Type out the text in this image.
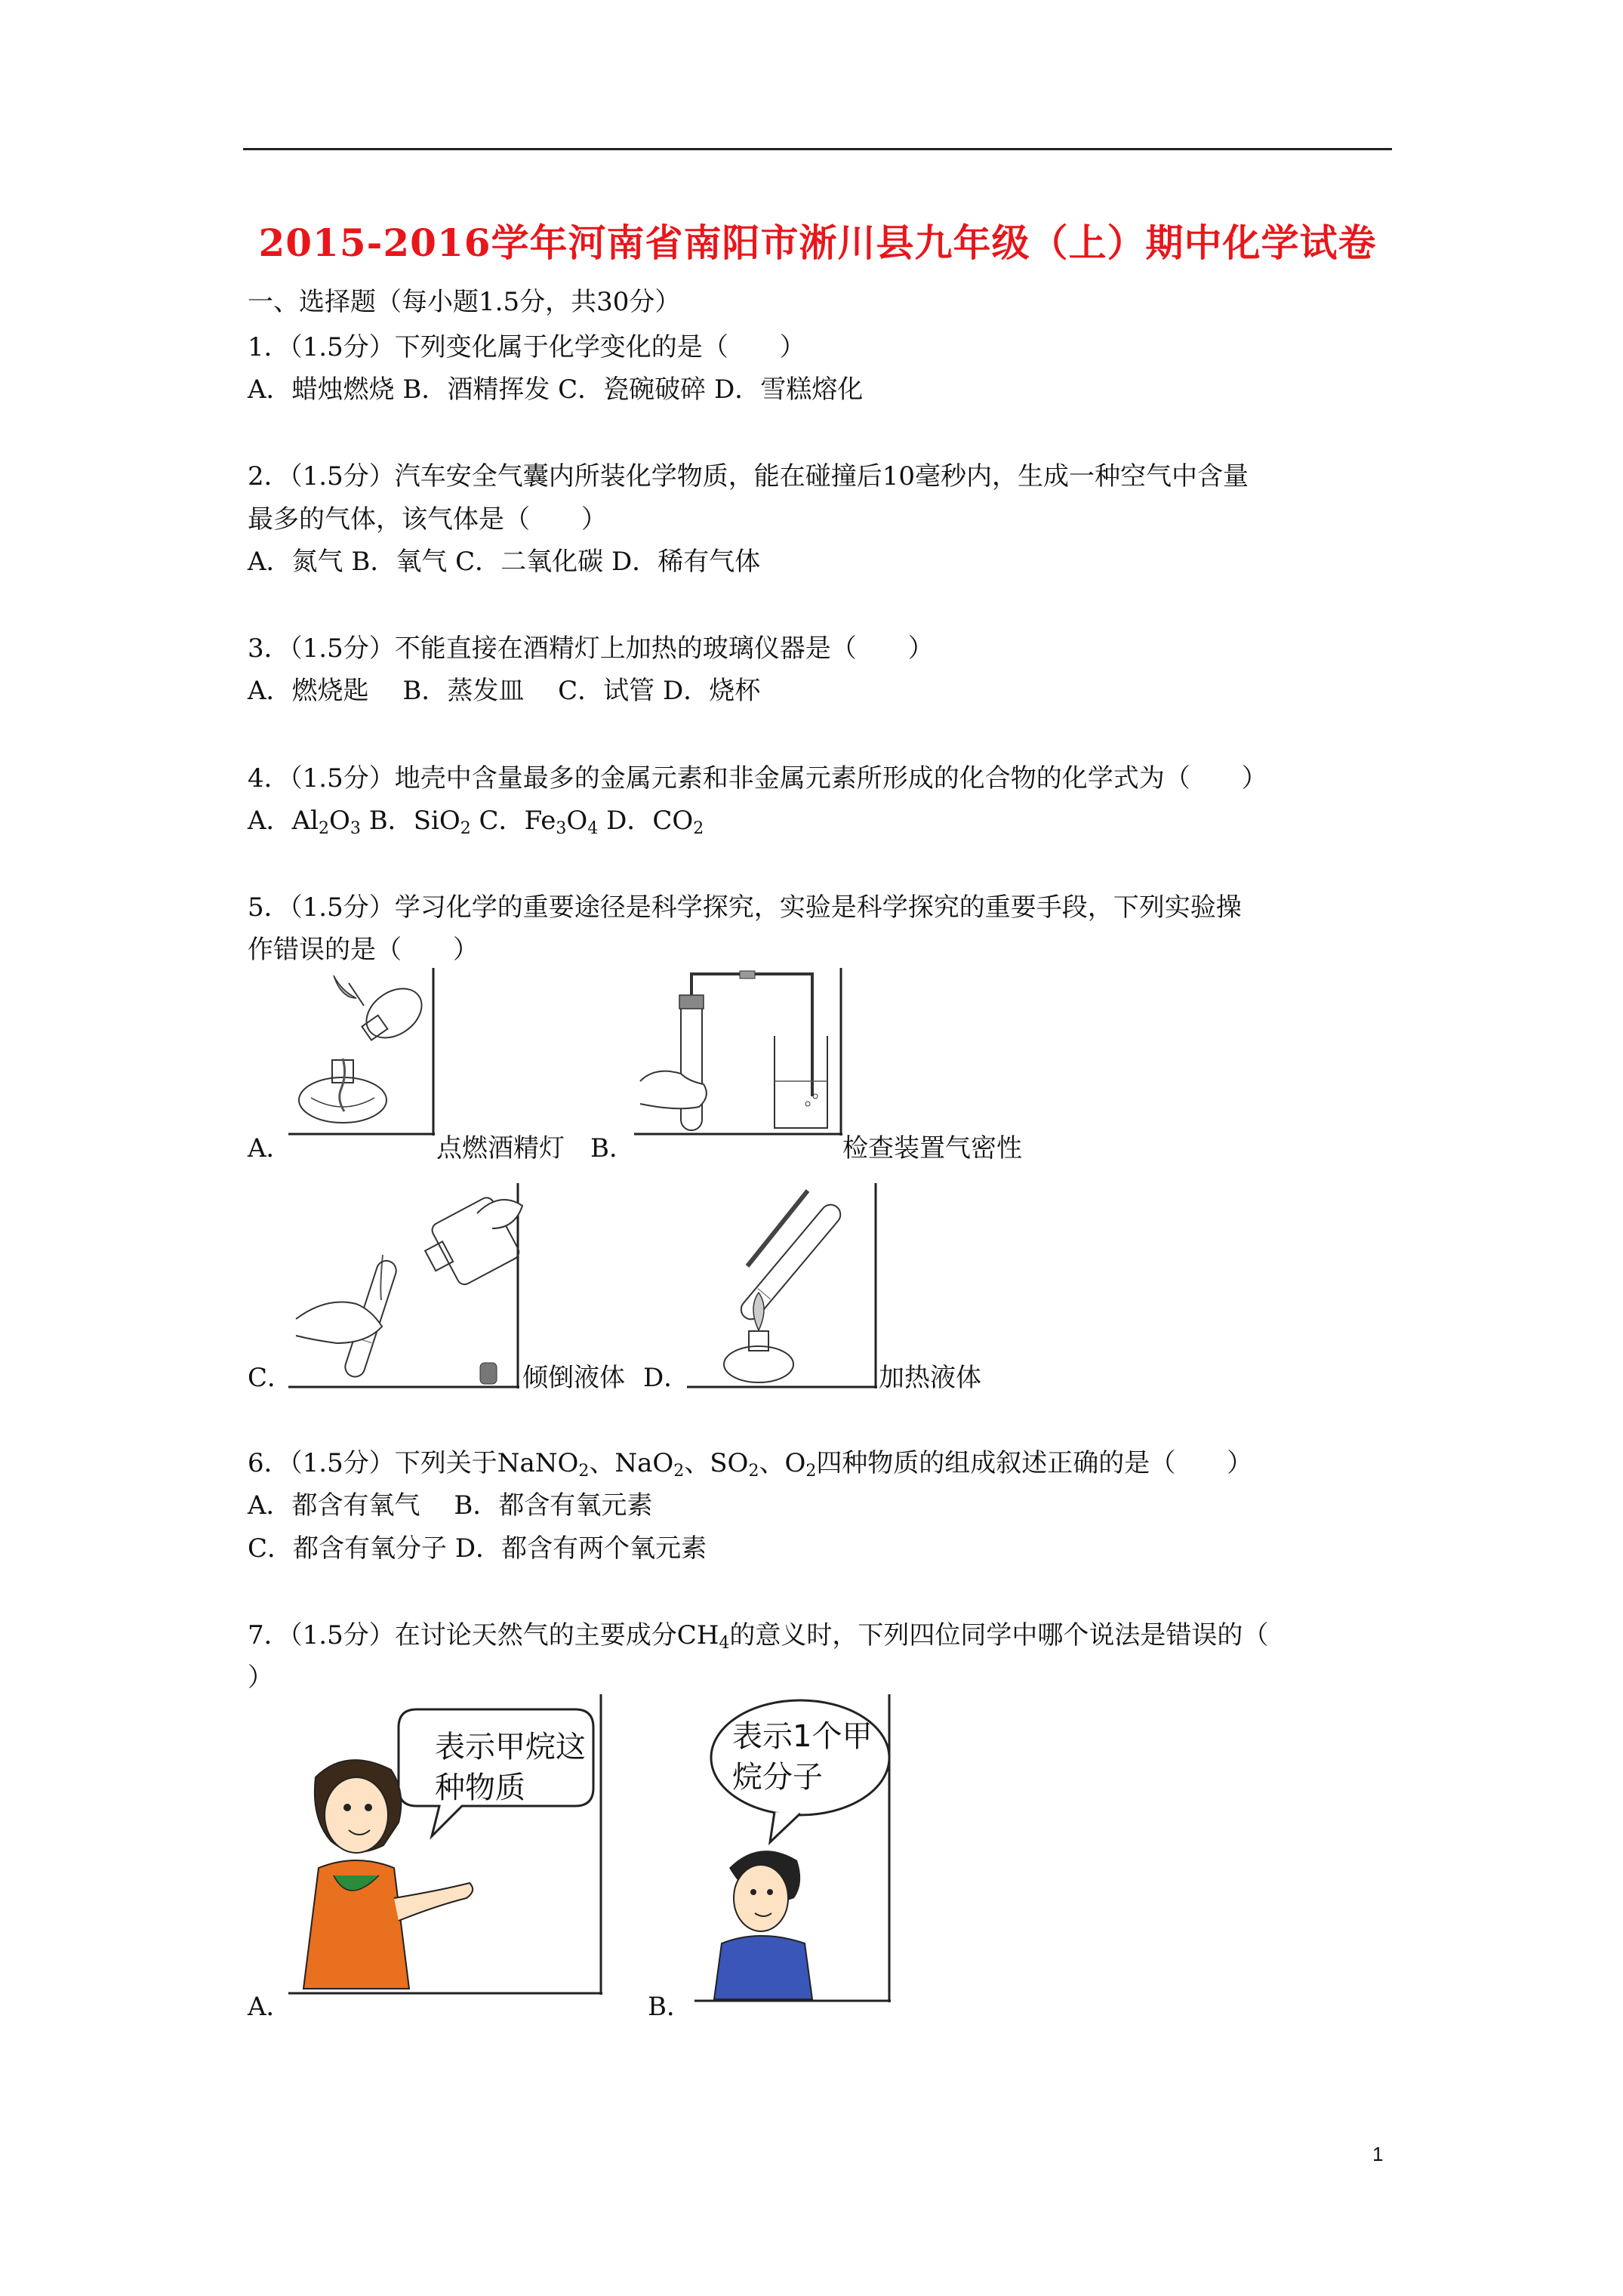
2015-2016学年河南省南阳市淅川县九年级（上）期中化学试卷
一、选择题（每小题1.5分，共30分）
1．（1.5分）下列变化属于化学变化的是（　　）
A．蜡烛燃烧 B．酒精挥发 C．瓷碗破碎 D．雪糕熔化
2．（1.5分）汽车安全气囊内所装化学物质，能在碰撞后10毫秒内，生成一种空气中含量
最多的气体，该气体是（　　）
A．氮气 B．氧气 C．二氧化碳 D．稀有气体
3．（1.5分）不能直接在酒精灯上加热的玻璃仪器是（　　）
A．燃烧匙　 B．蒸发皿　 C．试管 D．烧杯
4．（1.5分）地壳中含量最多的金属元素和非金属元素所形成的化合物的化学式为（　　）
A．$Al_2O_3$ B．SiO$_2$ C．$Fe_3O_4$ D．$CO_2$
5．（1.5分）学习化学的重要途径是科学探究，实验是科学探究的重要手段，下列实验操
作错误的是（　　）
A．	点燃酒精灯 B．	检查装置气密性
C．	倾倒液体 D．	加热液体
6．（1.5分）下列关于NaNO$_2$、NaO$_2$、$SO_2$、$O_2$四种物质的组成叙述正确的是（　　）
A．都含有氧气　 B．都含有氧元素
C．都含有氧分子 D．都含有两个氧元素
7．（1.5分）在讨论天然气的主要成分$CH_4$的意义时，下列四位同学中哪个说法是错误的（
）
表示甲烷这
种物质
A．
表示1个甲
烷分子
B．
1
